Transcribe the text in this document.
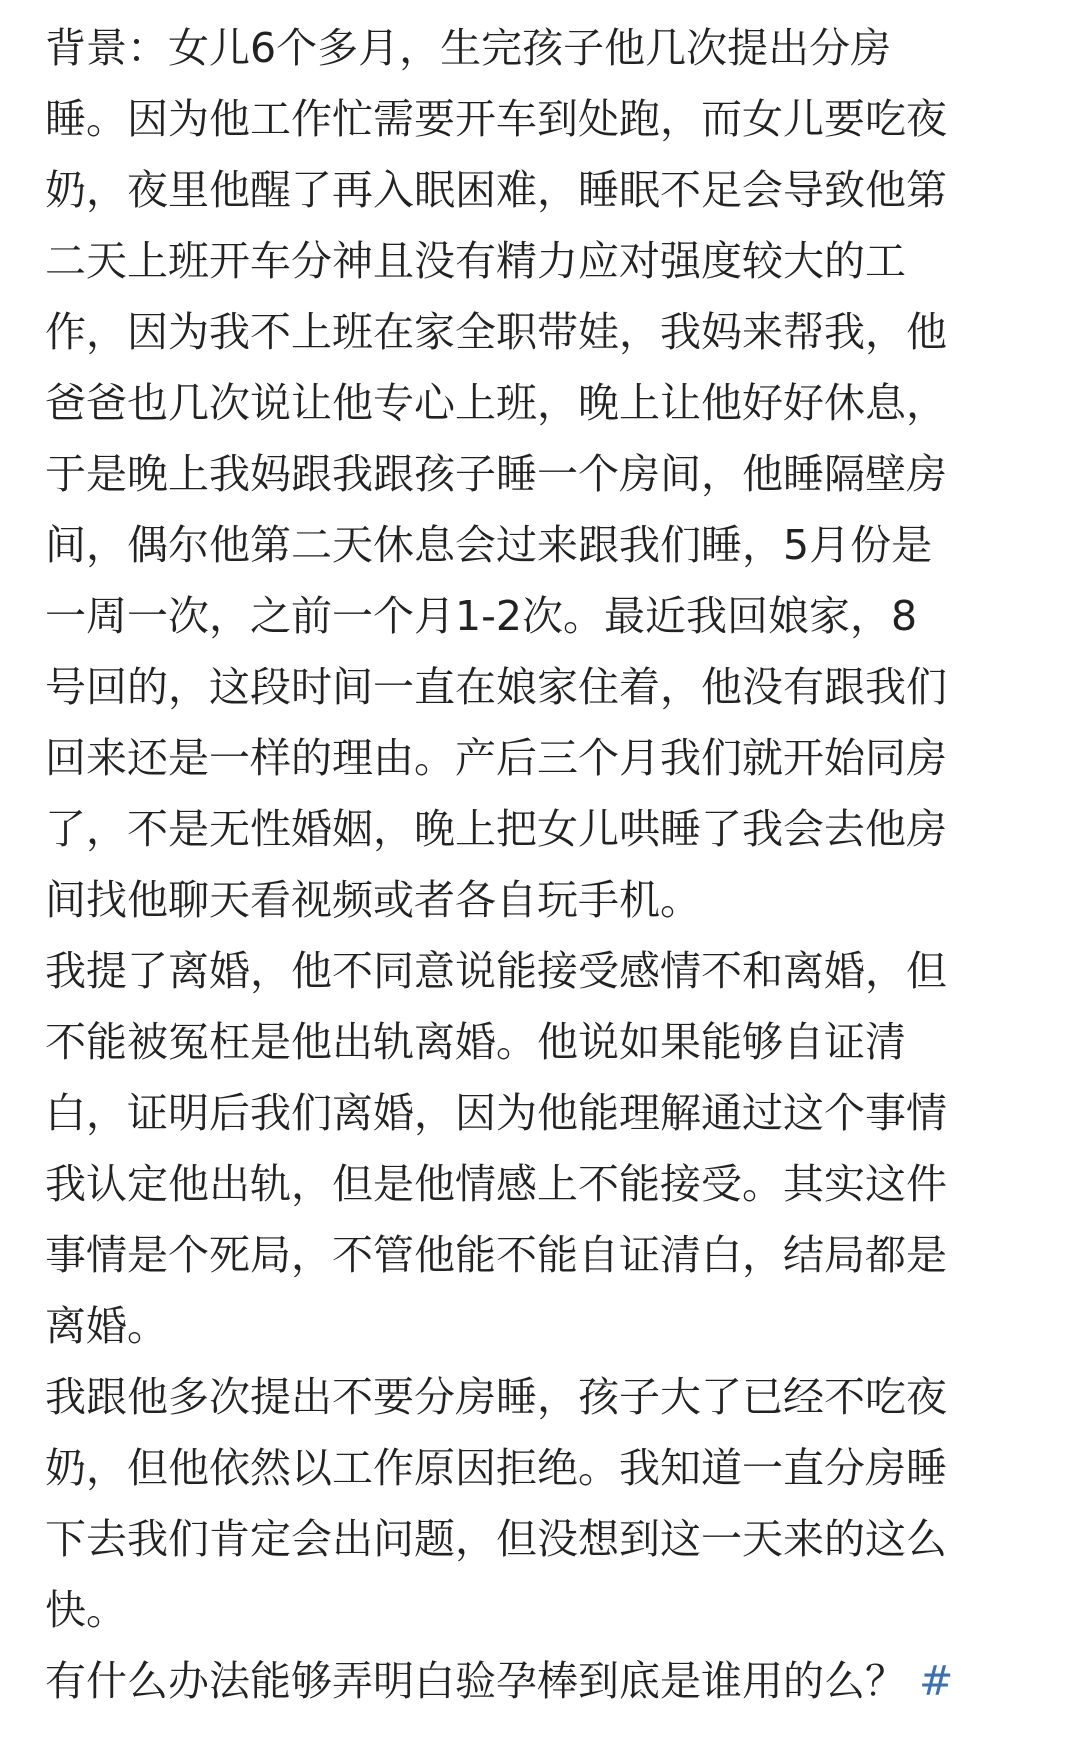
背景：女儿6个多月，生完孩子他几次提出分房
睡。因为他工作忙需要开车到处跑，而女儿要吃夜
奶，夜里他醒了再入眠困难，睡眠不足会导致他第
二天上班开车分神且没有精力应对强度较大的工
作，因为我不上班在家全职带娃，我妈来帮我，他
爸爸也几次说让他专心上班，晚上让他好好休息，
于是晚上我妈跟我跟孩子睡一个房间，他睡隔壁房
间，偶尔他第二天休息会过来跟我们睡，5月份是
一周一次，之前一个月1-2次。最近我回娘家，8
号回的，这段时间一直在娘家住着，他没有跟我们
回来还是一样的理由。产后三个月我们就开始同房
了，不是无性婚姻，晚上把女儿哄睡了我会去他房
间找他聊天看视频或者各自玩手机。
我提了离婚，他不同意说能接受感情不和离婚，但
不能被冤枉是他出轨离婚。他说如果能够自证清
白，证明后我们离婚，因为他能理解通过这个事情
我认定他出轨，但是他情感上不能接受。其实这件
事情是个死局，不管他能不能自证清白，结局都是
离婚。
我跟他多次提出不要分房睡，孩子大了已经不吃夜
奶，但他依然以工作原因拒绝。我知道一直分房睡
下去我们肯定会出问题，但没想到这一天来的这么
快。
有什么办法能够弄明白验孕棒到底是谁用的么？ #
